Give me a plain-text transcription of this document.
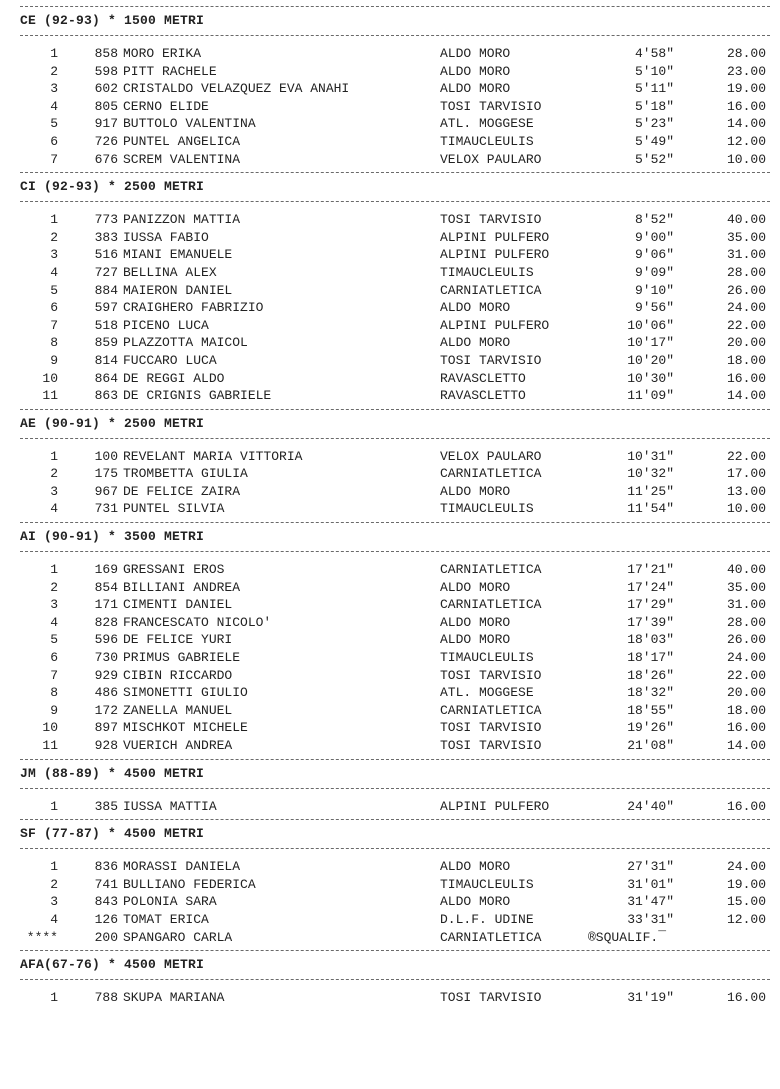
CE (92-93) * 1500 METRI
1	858 MORO ERIKA	ALDO MORO	4'58"	28.00
2	598 PITT RACHELE	ALDO MORO	5'10"	23.00
3	602 CRISTALDO VELAZQUEZ EVA ANAHI	ALDO MORO	5'11"	19.00
4	805 CERNO ELIDE	TOSI TARVISIO	5'18"	16.00
5	917 BUTTOLO VALENTINA	ATL. MOGGESE	5'23"	14.00
6	726 PUNTEL ANGELICA	TIMAUCLEULIS	5'49"	12.00
7	676 SCREM VALENTINA	VELOX PAULARO	5'52"	10.00
CI (92-93) * 2500 METRI
1	773 PANIZZON MATTIA	TOSI TARVISIO	8'52"	40.00
2	383 IUSSA FABIO	ALPINI PULFERO	9'00"	35.00
3	516 MIANI EMANUELE	ALPINI PULFERO	9'06"	31.00
4	727 BELLINA ALEX	TIMAUCLEULIS	9'09"	28.00
5	884 MAIERON DANIEL	CARNIATLETICA	9'10"	26.00
6	597 CRAIGHERO FABRIZIO	ALDO MORO	9'56"	24.00
7	518 PICENO LUCA	ALPINI PULFERO	10'06"	22.00
8	859 PLAZZOTTA MAICOL	ALDO MORO	10'17"	20.00
9	814 FUCCARO LUCA	TOSI TARVISIO	10'20"	18.00
10	864 DE REGGI ALDO	RAVASCLETTO	10'30"	16.00
11	863 DE CRIGNIS GABRIELE	RAVASCLETTO	11'09"	14.00
AE (90-91) * 2500 METRI
1	100 REVELANT MARIA VITTORIA	VELOX PAULARO	10'31"	22.00
2	175 TROMBETTA GIULIA	CARNIATLETICA	10'32"	17.00
3	967 DE FELICE ZAIRA	ALDO MORO	11'25"	13.00
4	731 PUNTEL SILVIA	TIMAUCLEULIS	11'54"	10.00
AI (90-91) * 3500 METRI
1	169 GRESSANI EROS	CARNIATLETICA	17'21"	40.00
2	854 BILLIANI ANDREA	ALDO MORO	17'24"	35.00
3	171 CIMENTI DANIEL	CARNIATLETICA	17'29"	31.00
4	828 FRANCESCATO NICOLO'	ALDO MORO	17'39"	28.00
5	596 DE FELICE YURI	ALDO MORO	18'03"	26.00
6	730 PRIMUS GABRIELE	TIMAUCLEULIS	18'17"	24.00
7	929 CIBIN RICCARDO	TOSI TARVISIO	18'26"	22.00
8	486 SIMONETTI GIULIO	ATL. MOGGESE	18'32"	20.00
9	172 ZANELLA MANUEL	CARNIATLETICA	18'55"	18.00
10	897 MISCHKOT MICHELE	TOSI TARVISIO	19'26"	16.00
11	928 VUERICH ANDREA	TOSI TARVISIO	21'08"	14.00
JM (88-89) * 4500 METRI
1	385 IUSSA MATTIA	ALPINI PULFERO	24'40"	16.00
SF (77-87) * 4500 METRI
1	836 MORASSI DANIELA	ALDO MORO	27'31"	24.00
2	741 BULLIANO FEDERICA	TIMAUCLEULIS	31'01"	19.00
3	843 POLONIA SARA	ALDO MORO	31'47"	15.00
4	126 TOMAT ERICA	D.L.F. UDINE	33'31"	12.00
****	200 SPANGARO CARLA	CARNIATLETICA	®SQUALIF.¯
AFA(67-76) * 4500 METRI
1	788 SKUPA MARIANA	TOSI TARVISIO	31'19"	16.00
